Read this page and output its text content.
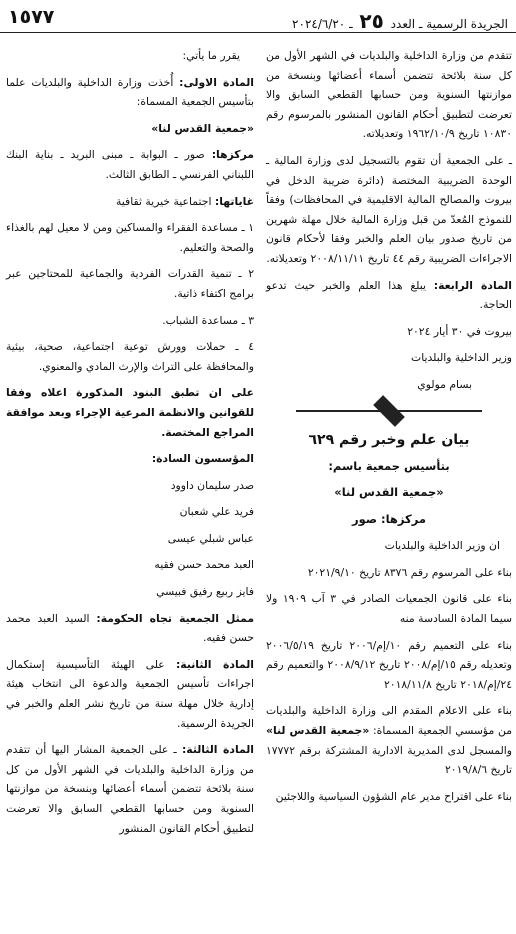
الجريدة الرسمية ـ العدد ٢٥ ـ ٢٠٢٤/٦/٢٠
١٥٧٧

تتقدم من وزارة الداخلية والبلديات في الشهر الأول من كل سنة بلائحة تتضمن أسماء أعضائها وبنسخة من موازنتها السنوية ومن حسابها القطعي السابق والا تعرضت لتطبيق أحكام القانون المنشور بالمرسوم رقم ١٠٨٣٠ تاريخ ١٩٦٢/١٠/٩ وتعديلاته.

ـ على الجمعية أن تقوم بالتسجيل لدى وزارة المالية ـ الوحدة الضريبية المختصة (دائرة ضريبة الدخل في بيروت والمصالح المالية الاقليمية في المحافظات) وفقاً للنموذج المُعدّ من قبل وزارة المالية خلال مهلة شهرين من تاريخ صدور بيان العلم والخبر وفقا لأحكام قانون الاجراءات الضريبية رقم ٤٤ تاريخ ٢٠٠٨/١١/١١ وتعديلاته.

المادة الرابعة: يبلغ هذا العلم والخبر حيث تدعو الحاجة.

بيروت في ٣٠ أيار ٢٠٢٤

وزير الداخلية والبلديات

بسام مولوي

بيان علم وخبر رقم ٦٢٩

بتأسيس جمعية باسم:

«جمعية القدس لنا»

مركزها: صور

ان وزير الداخلية والبلديات

بناء على المرسوم رقم ٨٣٧٦ تاريخ ٢٠٢١/٩/١٠

بناء على قانون الجمعيات الصادر في ٣ آب ١٩٠٩ ولا سيما المادة السادسة منه

بناء على التعميم رقم ١٠/إم/٢٠٠٦ تاريخ ٢٠٠٦/٥/١٩ وتعديله رقم ١٥/إم/٢٠٠٨ تاريخ ٢٠٠٨/٩/١٢ والتعميم رقم ٢٤/إم/٢٠١٨ تاريخ ٢٠١٨/١١/٨

بناء على الاعلام المقدم الى وزارة الداخلية والبلديات من مؤسسي الجمعية المسماة: «جمعية القدس لنا» والمسجل لدى المديرية الادارية المشتركة برقم ١٧٧٧٢ تاريخ ٢٠١٩/٨/٦

بناء على اقتراح مدير عام الشؤون السياسية واللاجئين

يقرر ما يأتي:

المادة الاولى: أُخذت وزارة الداخلية والبلديات علما بتأسيس الجمعية المسماة:

«جمعية القدس لنا»

مركزها: صور ـ البوابة ـ مبنى البريد ـ بناية البنك اللبناني الفرنسي ـ الطابق الثالث.

غاياتها: اجتماعية خيرية ثقافية

١ ـ مساعدة الفقراء والمساكين ومن لا معيل لهم بالغذاء والصحة والتعليم.

٢ ـ تنمية القدرات الفردية والجماعية للمحتاجين عبر برامج اكتفاء ذاتية.

٣ ـ مساعدة الشباب.

٤ ـ حملات وورش توعية اجتماعية، صحية، بيئية والمحافظة على التراث والإرث المادي والمعنوي.

على ان تطبق البنود المذكورة اعلاه وفقا للقوانين والانظمة المرعية الإجراء وبعد موافقة المراجع المختصة.

المؤسسون السادة:

صدر سليمان داوود

فريد علي شعبان

عباس شبلي عيسى

العبد محمد حسن فقيه

فايز ربيع رفيق فبيسي

ممثل الجمعية تجاه الحكومة: السيد العبد محمد حسن فقيه.

المادة الثانية: على الهيئة التأسيسية إستكمال اجراءات تأسيس الجمعية والدعوة الى انتخاب هيئة إدارية خلال مهلة سنة من تاريخ نشر العلم والخبر في الجريدة الرسمية.

المادة الثالثة: ـ على الجمعية المشار اليها أن تتقدم من وزارة الداخلية والبلديات في الشهر الأول من كل سنة بلائحة تتضمن أسماء أعضائها وبنسخة من موازنتها السنوية ومن حسابها القطعي السابق والا تعرضت لتطبيق أحكام القانون المنشور
